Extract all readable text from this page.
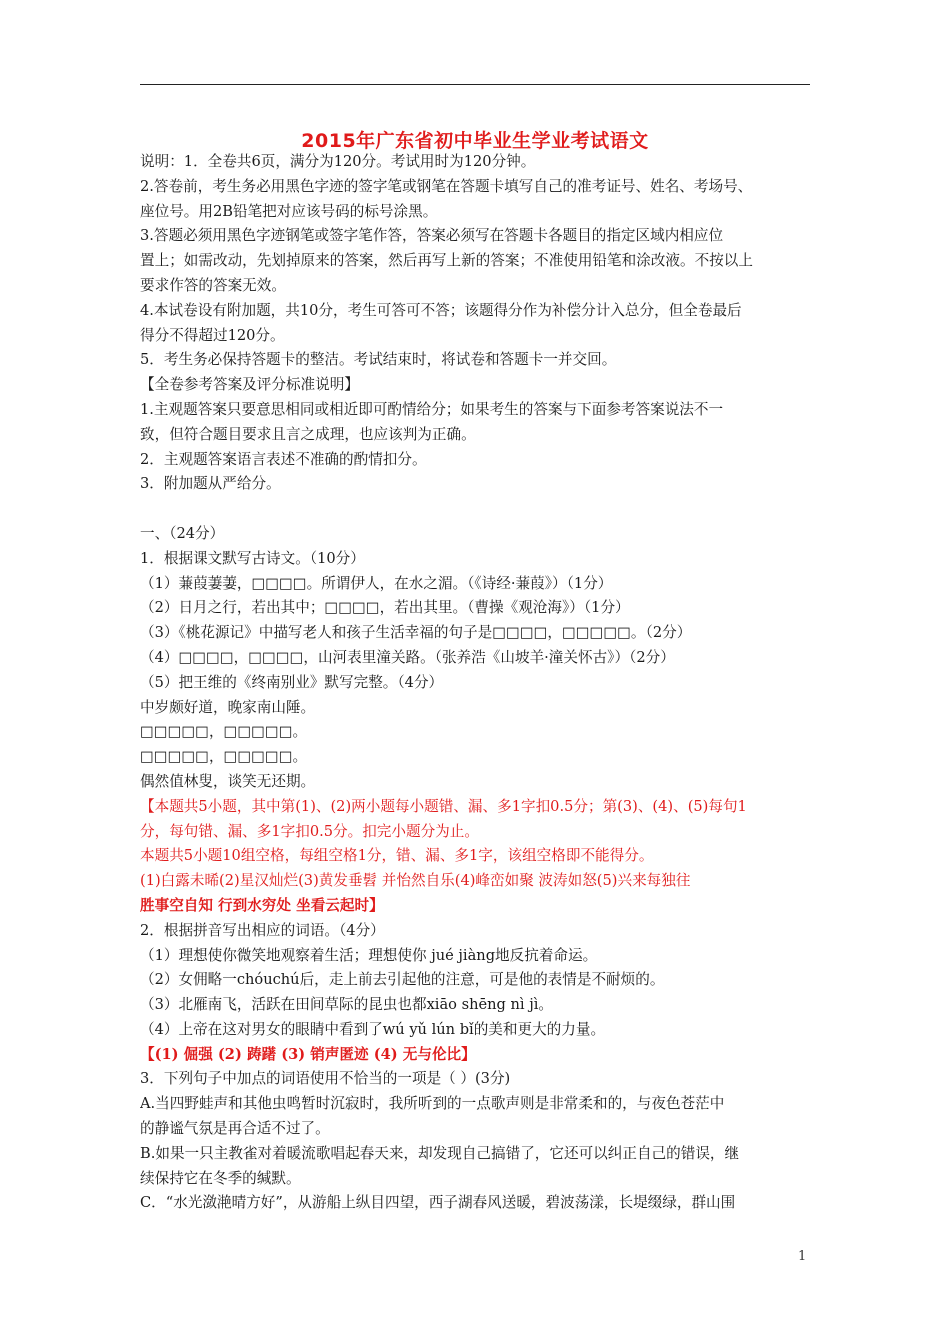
2015年广东省初中毕业生学业考试语文
说明：1．全卷共6页，满分为120分。考试用时为120分钟。
2.答卷前，考生务必用黑色字迹的签字笔或钢笔在答题卡填写自己的准考证号、姓名、考场号、
座位号。用2B铅笔把对应该号码的标号涂黑。
3.答题必须用黑色字迹钢笔或签字笔作答，答案必须写在答题卡各题目的指定区域内相应位
置上；如需改动，先划掉原来的答案，然后再写上新的答案；不准使用铅笔和涂改液。不按以上
要求作答的答案无效。
4.本试卷设有附加题，共10分，考生可答可不答；该题得分作为补偿分计入总分，但全卷最后
得分不得超过120分。
5．考生务必保持答题卡的整洁。考试结束时，将试卷和答题卡一并交回。
【全卷参考答案及评分标准说明】
1.主观题答案只要意思相同或相近即可酌情给分；如果考生的答案与下面参考答案说法不一
致，但符合题目要求且言之成理，也应该判为正确。
2．主观题答案语言表述不准确的酌情扣分。
3．附加题从严给分。
一、（24分）
1．根据课文默写古诗文。（10分）
（1）蒹葭萋萋，□□□□。所谓伊人，在水之湄。（《诗经·蒹葭》）（1分）
（2）日月之行，若出其中；□□□□，若出其里。（曹操《观沧海》）（1分）
（3）《桃花源记》中描写老人和孩子生活幸福的句子是□□□□，□□□□□。（2分）
（4）□□□□，□□□□，山河表里潼关路。（张养浩《山坡羊·潼关怀古》）（2分）
（5）把王维的《终南别业》默写完整。（4分）
中岁颇好道，晚家南山陲。
□□□□□，□□□□□。
□□□□□，□□□□□。
偶然值林叟，谈笑无还期。
【本题共5小题，其中第(1)、(2)两小题每小题错、漏、多1字扣0.5分；第(3)、(4)、(5)每句1
分，每句错、漏、多1字扣0.5分。扣完小题分为止。
本题共5小题10组空格，每组空格1分，错、漏、多1字，该组空格即不能得分。
(1)白露未晞(2)星汉灿烂(3)黄发垂髫 并怡然自乐(4)峰峦如聚 波涛如怒(5)兴来每独往
胜事空自知 行到水穷处 坐看云起时】
2．根据拼音写出相应的词语。（4分）
（1）理想使你微笑地观察着生活；理想使你 jué jiàng地反抗着命运。
（2）女佣略一chóuchú后，走上前去引起他的注意，可是他的表情是不耐烦的。
（3）北雁南飞，活跃在田间草际的昆虫也都xiāo shēng nì jì。
（4）上帝在这对男女的眼睛中看到了wú yǔ lún bǐ的美和更大的力量。
【(1) 倔强 (2) 踌躇 (3) 销声匿迹 (4) 无与伦比】
3．下列句子中加点的词语使用不恰当的一项是（ ）(3分)
A.当四野蛙声和其他虫鸣暂时沉寂时，我所听到的一点歌声则是非常柔和的，与夜色苍茫中
的静谧气氛是再合适不过了。
B.如果一只主教雀对着暖流歌唱起春天来，却发现自己搞错了，它还可以纠正自己的错误，继
续保持它在冬季的缄默。
C．“水光潋滟晴方好”，从游船上纵目四望，西子湖春风送暖，碧波荡漾，长堤缀绿，群山围
1
